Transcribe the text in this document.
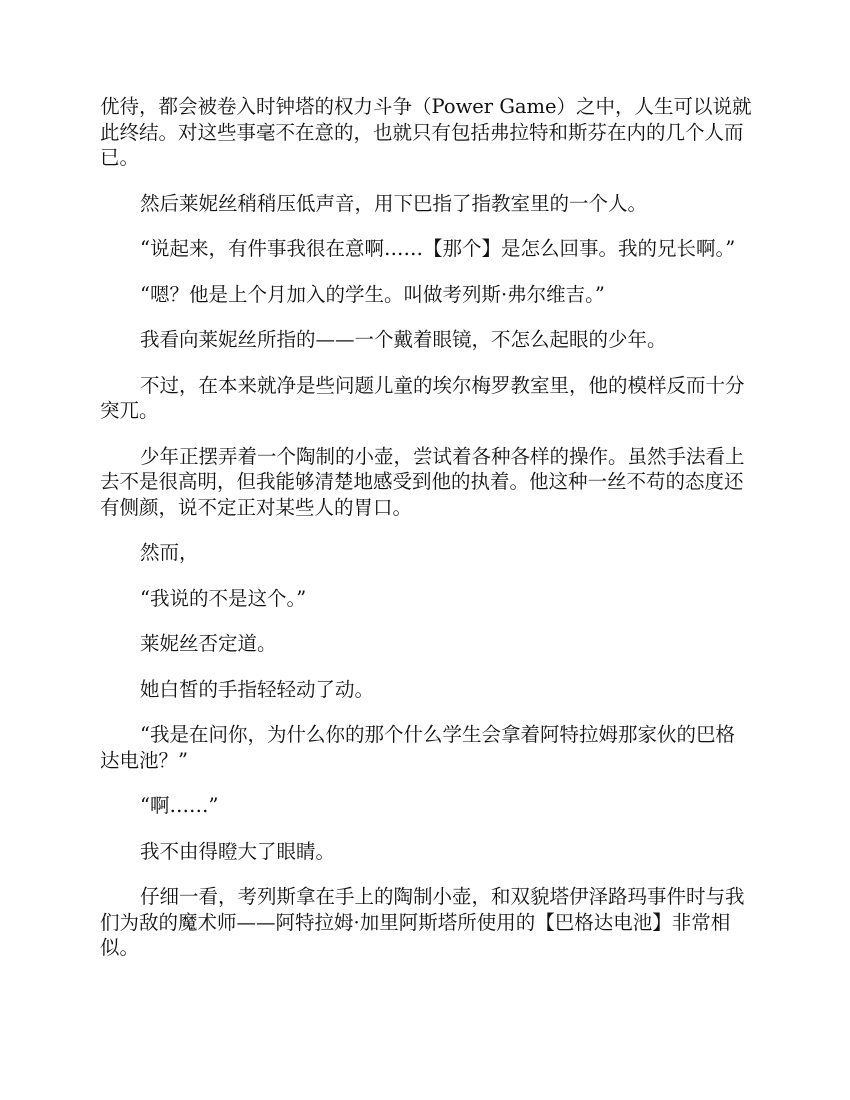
优待，都会被卷入时钟塔的权力斗争（Power Game）之中，人生可以说就此终结。对这些事毫不在意的，也就只有包括弗拉特和斯芬在内的几个人而已。

然后莱妮丝稍稍压低声音，用下巴指了指教室里的一个人。

“说起来，有件事我很在意啊……【那个】是怎么回事。我的兄长啊。”

“嗯？他是上个月加入的学生。叫做考列斯·弗尔维吉。”

我看向莱妮丝所指的——一个戴着眼镜，不怎么起眼的少年。

不过，在本来就净是些问题儿童的埃尔梅罗教室里，他的模样反而十分突兀。

少年正摆弄着一个陶制的小壶，尝试着各种各样的操作。虽然手法看上去不是很高明，但我能够清楚地感受到他的执着。他这种一丝不苟的态度还有侧颜，说不定正对某些人的胃口。

然而，

“我说的不是这个。”

莱妮丝否定道。

她白皙的手指轻轻动了动。

“我是在问你，为什么你的那个什么学生会拿着阿特拉姆那家伙的巴格达电池？”

“啊……”

我不由得瞪大了眼睛。

仔细一看，考列斯拿在手上的陶制小壶，和双貌塔伊泽路玛事件时与我们为敌的魔术师——阿特拉姆·加里阿斯塔所使用的【巴格达电池】非常相似。
